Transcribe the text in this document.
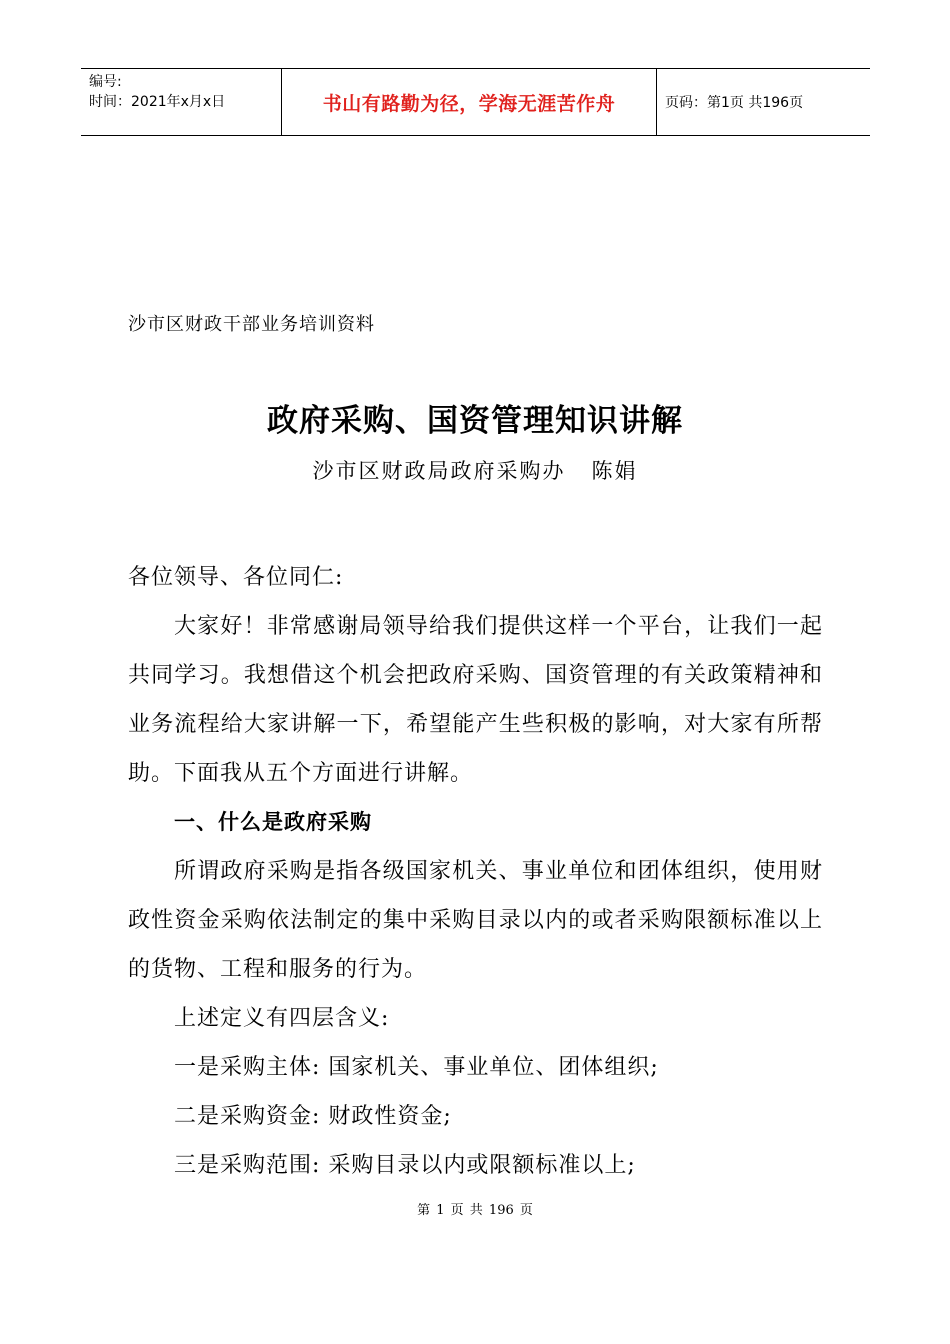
编号:
时间：2021年x月x日	书山有路勤为径，学海无涯苦作舟	页码：第1页 共196页
沙市区财政干部业务培训资料
政府采购、国资管理知识讲解
沙市区财政局政府采购办   陈娟

各位领导、各位同仁:

大家好！非常感谢局领导给我们提供这样一个平台，让我们一起共同学习。我想借这个机会把政府采购、国资管理的有关政策精神和业务流程给大家讲解一下，希望能产生些积极的影响，对大家有所帮助。下面我从五个方面进行讲解。

一、什么是政府采购

所谓政府采购是指各级国家机关、事业单位和团体组织，使用财政性资金采购依法制定的集中采购目录以内的或者采购限额标准以上的货物、工程和服务的行为。

上述定义有四层含义:

一是采购主体: 国家机关、事业单位、团体组织;

二是采购资金: 财政性资金;

三是采购范围: 采购目录以内或限额标准以上;

第 1 页 共 196 页
